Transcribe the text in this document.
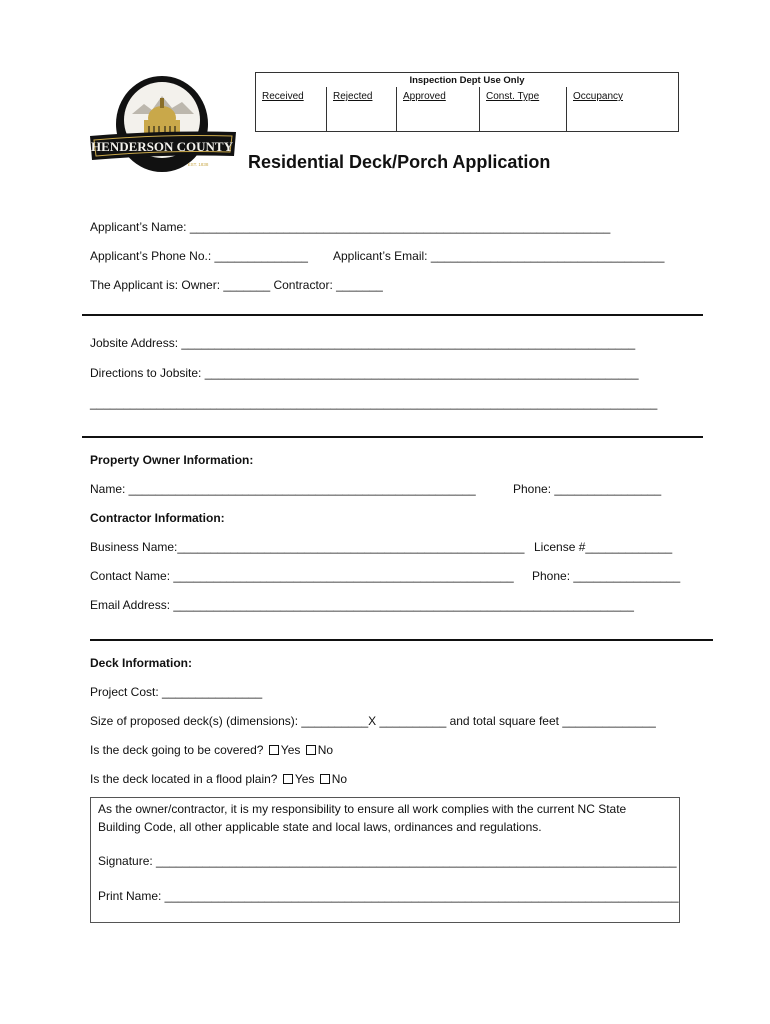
HENDERSON COUNTY
EST. 1838
Inspection Dept Use Only
Received	Rejected	Approved	Const. Type	Occupancy
Residential Deck/Porch Application
Applicant’s Name: _______________________________________________________________
Applicant’s Phone No.: ______________ Applicant’s Email: ___________________________________
The Applicant is: Owner: _______ Contractor: _______
Jobsite Address: ____________________________________________________________________
Directions to Jobsite: _________________________________________________________________
_____________________________________________________________________________________
Property Owner Information:
Name: ____________________________________________________	Phone: ________________
Contractor Information:
Business Name:____________________________________________________ License #_____________
Contact Name: ___________________________________________________ Phone: ________________
Email Address: _____________________________________________________________________
Deck Information:
Project Cost: _______________
Size of proposed deck(s) (dimensions): __________X __________ and total square feet ______________
Is the deck going to be covered? Yes No
Is the deck located in a flood plain? Yes No
As the owner/contractor, it is my responsibility to ensure all work complies with the current NC State
Building Code, all other applicable state and local laws, ordinances and regulations.
Signature: ______________________________________________________________________________
Print Name: _____________________________________________________________________________
